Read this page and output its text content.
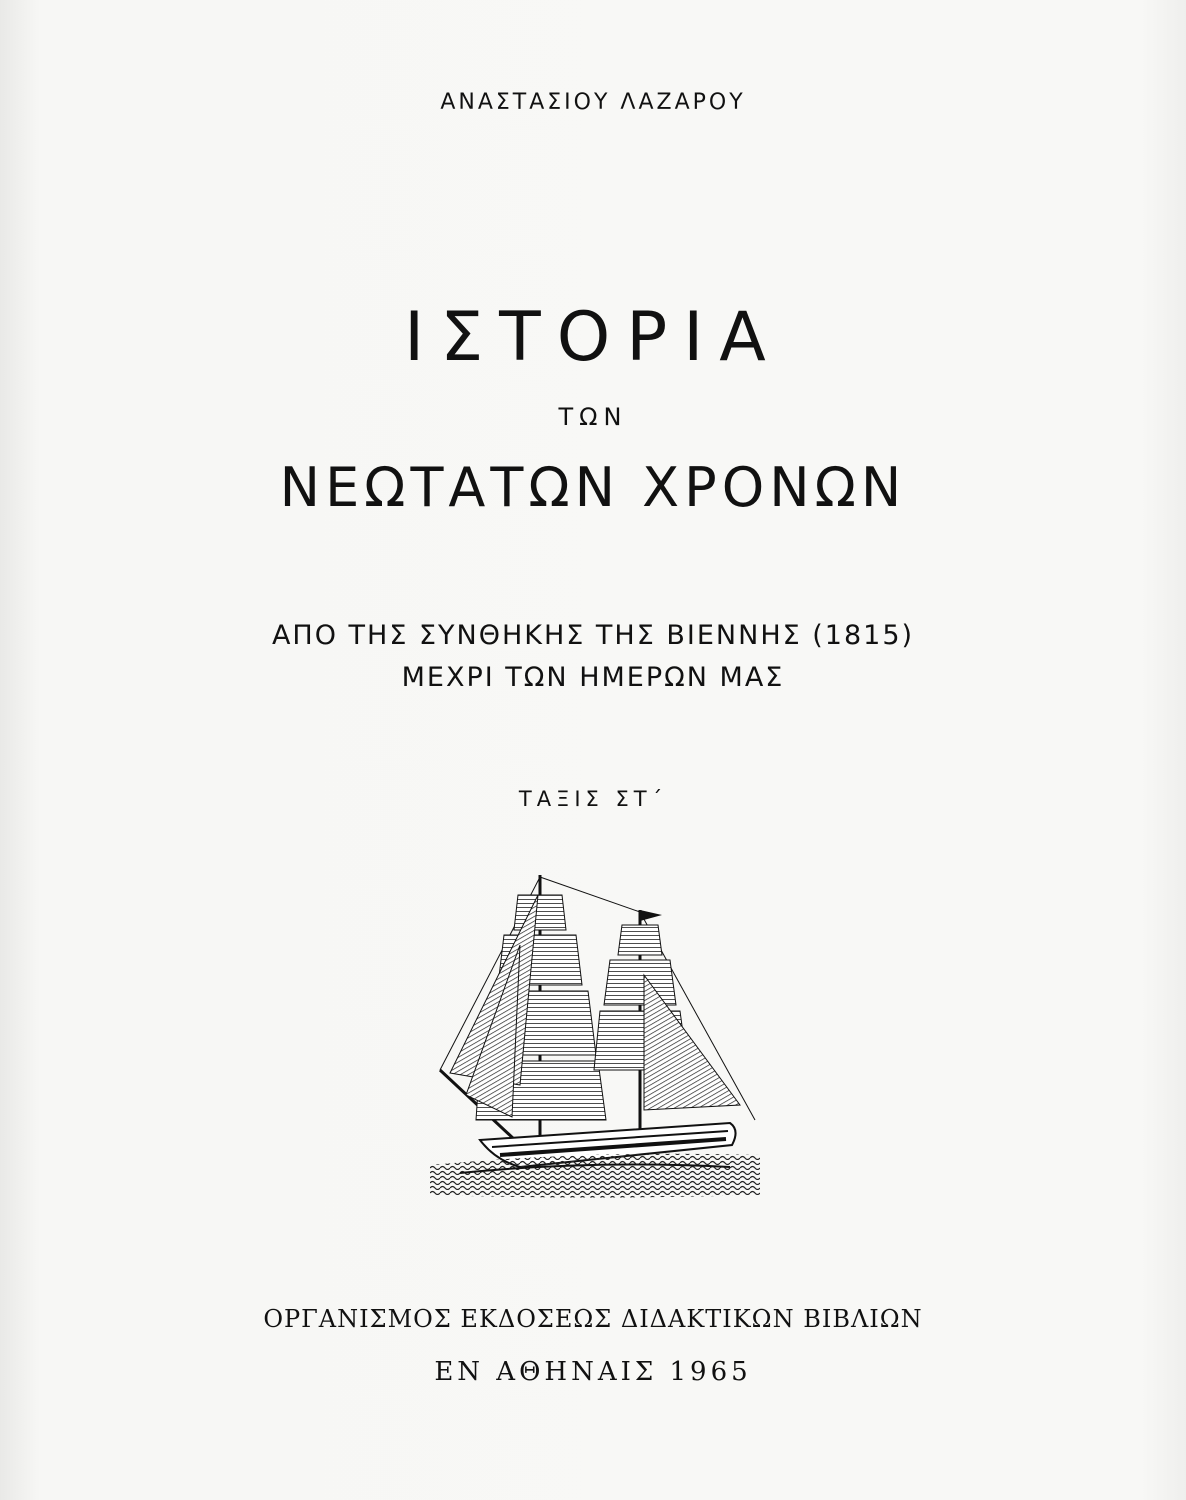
ΑΝΑΣΤΑΣΙΟΥ ΛΑΖΑΡΟΥ
ΙΣΤΟΡΙΑ
ΤΩΝ
ΝΕΩΤΑΤΩΝ ΧΡΟΝΩΝ
ΑΠΟ ΤΗΣ ΣΥΝΘΗΚΗΣ ΤΗΣ ΒΙΕΝΝΗΣ (1815)
ΜΕΧΡΙ ΤΩΝ ΗΜΕΡΩΝ ΜΑΣ
ΤΑΞΙΣ ΣΤ΄
ΟΡΓΑΝΙΣΜΟΣ ΕΚΔΟΣΕΩΣ ΔΙΔΑΚΤΙΚΩΝ ΒΙΒΛΙΩΝ
ΕΝ ΑΘΗΝΑΙΣ 1965
